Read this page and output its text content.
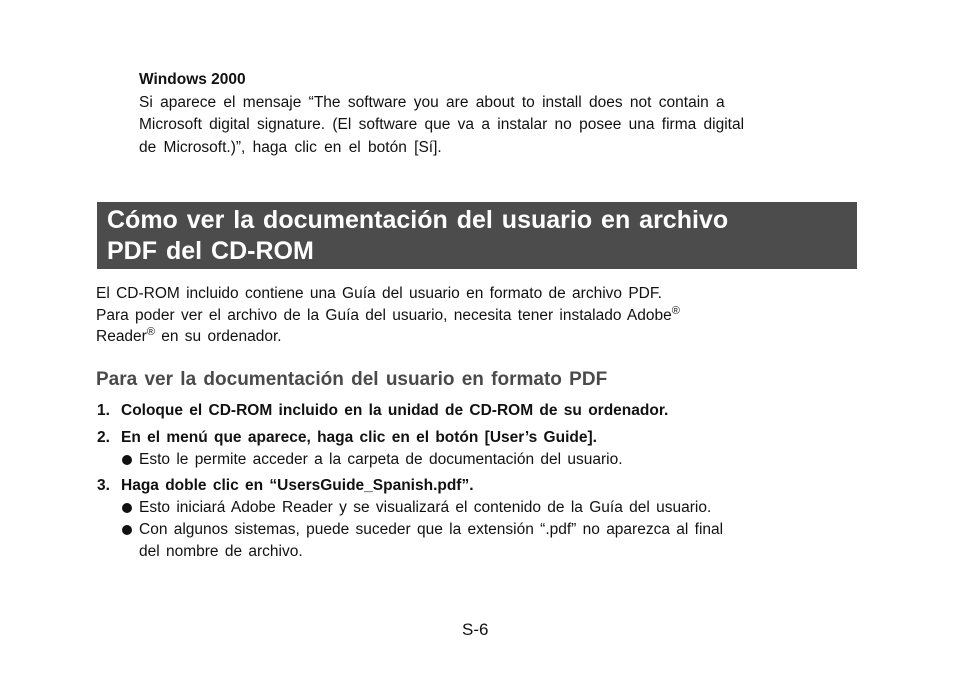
Windows 2000
Si aparece el mensaje “The software you are about to install does not contain a
Microsoft digital signature. (El software que va a instalar no posee una firma digital
de Microsoft.)”, haga clic en el botón [Sí].
Cómo ver la documentación del usuario en archivo
PDF del CD-ROM
El CD-ROM incluido contiene una Guía del usuario en formato de archivo PDF.
Para poder ver el archivo de la Guía del usuario, necesita tener instalado Adobe®
Reader® en su ordenador.
Para ver la documentación del usuario en formato PDF
1. Coloque el CD-ROM incluido en la unidad de CD-ROM de su ordenador.
2. En el menú que aparece, haga clic en el botón [User’s Guide].
Esto le permite acceder a la carpeta de documentación del usuario.
3. Haga doble clic en “UsersGuide_Spanish.pdf”.
Esto iniciará Adobe Reader y se visualizará el contenido de la Guía del usuario.
Con algunos sistemas, puede suceder que la extensión “.pdf” no aparezca al final
del nombre de archivo.
S-6
